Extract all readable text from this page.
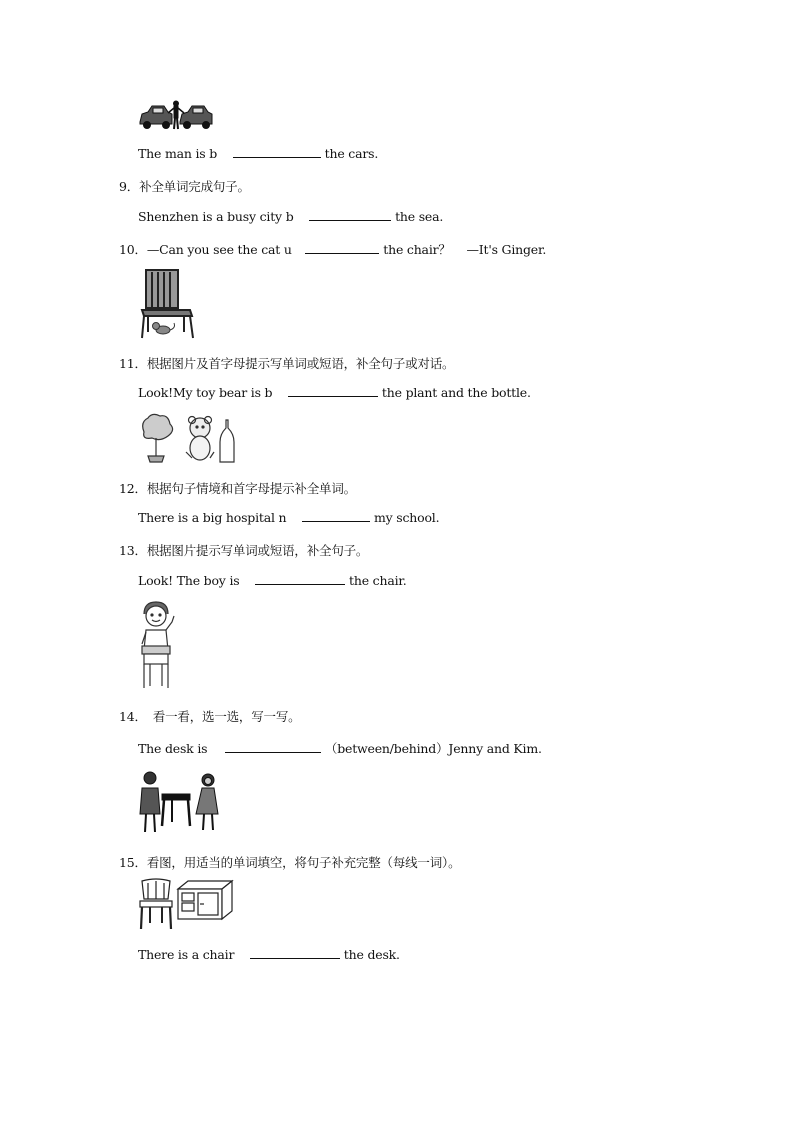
The man is b	the cars.
9．补全单词完成句子。
Shenzhen is a busy city b	the sea.
10．—Can you see the cat u	the chair？ —It's Ginger.
11．根据图片及首字母提示写单词或短语，补全句子或对话。
Look!My toy bear is b	the plant and the bottle.
12．根据句子情境和首字母提示补全单词。
There is a big hospital n	my school.
13．根据图片提示写单词或短语，补全句子。
Look! The boy is	the chair.
14． 看一看，选一选，写一写。
The desk is	（between/behind）Jenny and Kim.
15．看图，用适当的单词填空，将句子补充完整（每线一词）。
There is a chair	the desk.
